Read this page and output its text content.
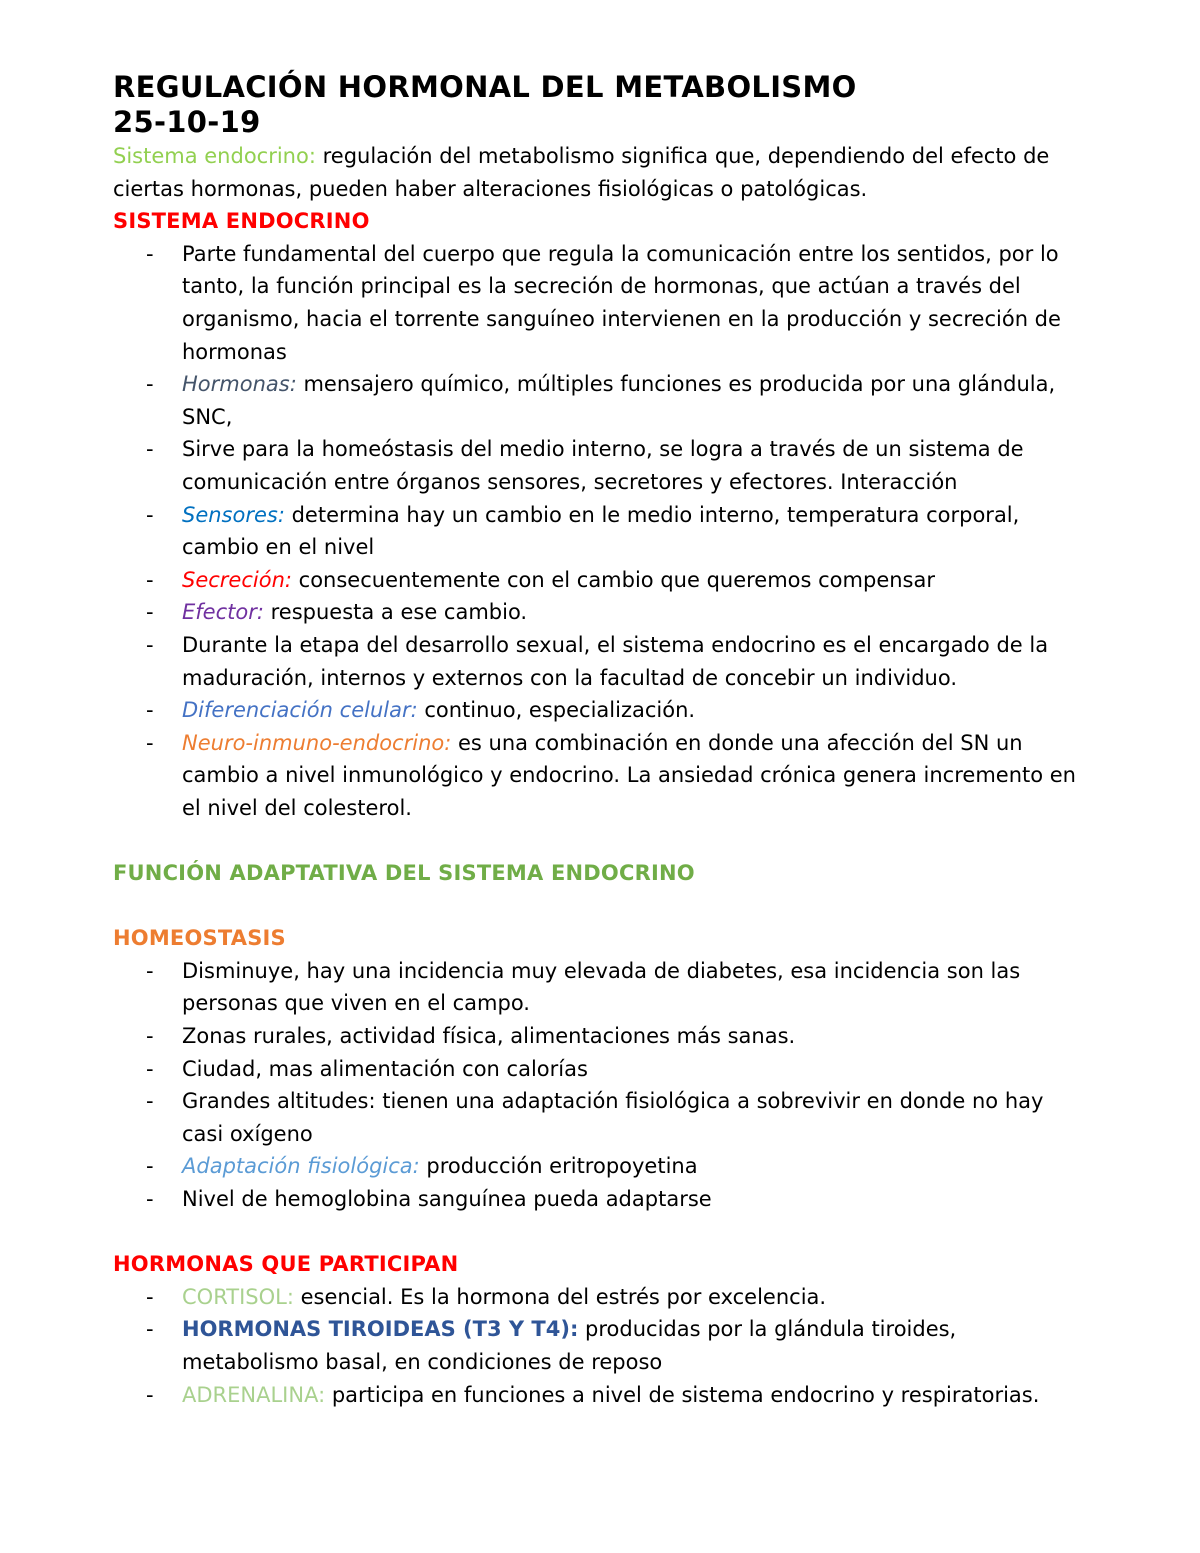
REGULACIÓN HORMONAL DEL METABOLISMO
25-10-19

Sistema endocrino: regulación del metabolismo significa que, dependiendo del efecto de ciertas hormonas, pueden haber alteraciones fisiológicas o patológicas.

SISTEMA ENDOCRINO
- Parte fundamental del cuerpo que regula la comunicación entre los sentidos, por lo tanto, la función principal es la secreción de hormonas, que actúan a través del organismo, hacia el torrente sanguíneo intervienen en la producción y secreción de hormonas
- Hormonas: mensajero químico, múltiples funciones es producida por una glándula, SNC,
- Sirve para la homeóstasis del medio interno, se logra a través de un sistema de comunicación entre órganos sensores, secretores y efectores. Interacción
- Sensores: determina hay un cambio en le medio interno, temperatura corporal, cambio en el nivel
- Secreción: consecuentemente con el cambio que queremos compensar
- Efector: respuesta a ese cambio.
- Durante la etapa del desarrollo sexual, el sistema endocrino es el encargado de la maduración, internos y externos con la facultad de concebir un individuo.
- Diferenciación celular: continuo, especialización.
- Neuro-inmuno-endocrino: es una combinación en donde una afección del SN un cambio a nivel inmunológico y endocrino. La ansiedad crónica genera incremento en el nivel del colesterol.
FUNCIÓN ADAPTATIVA DEL SISTEMA ENDOCRINO
HOMEOSTASIS
- Disminuye, hay una incidencia muy elevada de diabetes, esa incidencia son las personas que viven en el campo.
- Zonas rurales, actividad física, alimentaciones más sanas.
- Ciudad, mas alimentación con calorías
- Grandes altitudes: tienen una adaptación fisiológica a sobrevivir en donde no hay casi oxígeno
- Adaptación fisiológica: producción eritropoyetina
- Nivel de hemoglobina sanguínea pueda adaptarse
HORMONAS QUE PARTICIPAN
- CORTISOL: esencial. Es la hormona del estrés por excelencia.
- HORMONAS TIROIDEAS (T3 Y T4): producidas por la glándula tiroides, metabolismo basal, en condiciones de reposo
- ADRENALINA: participa en funciones a nivel de sistema endocrino y respiratorias.
